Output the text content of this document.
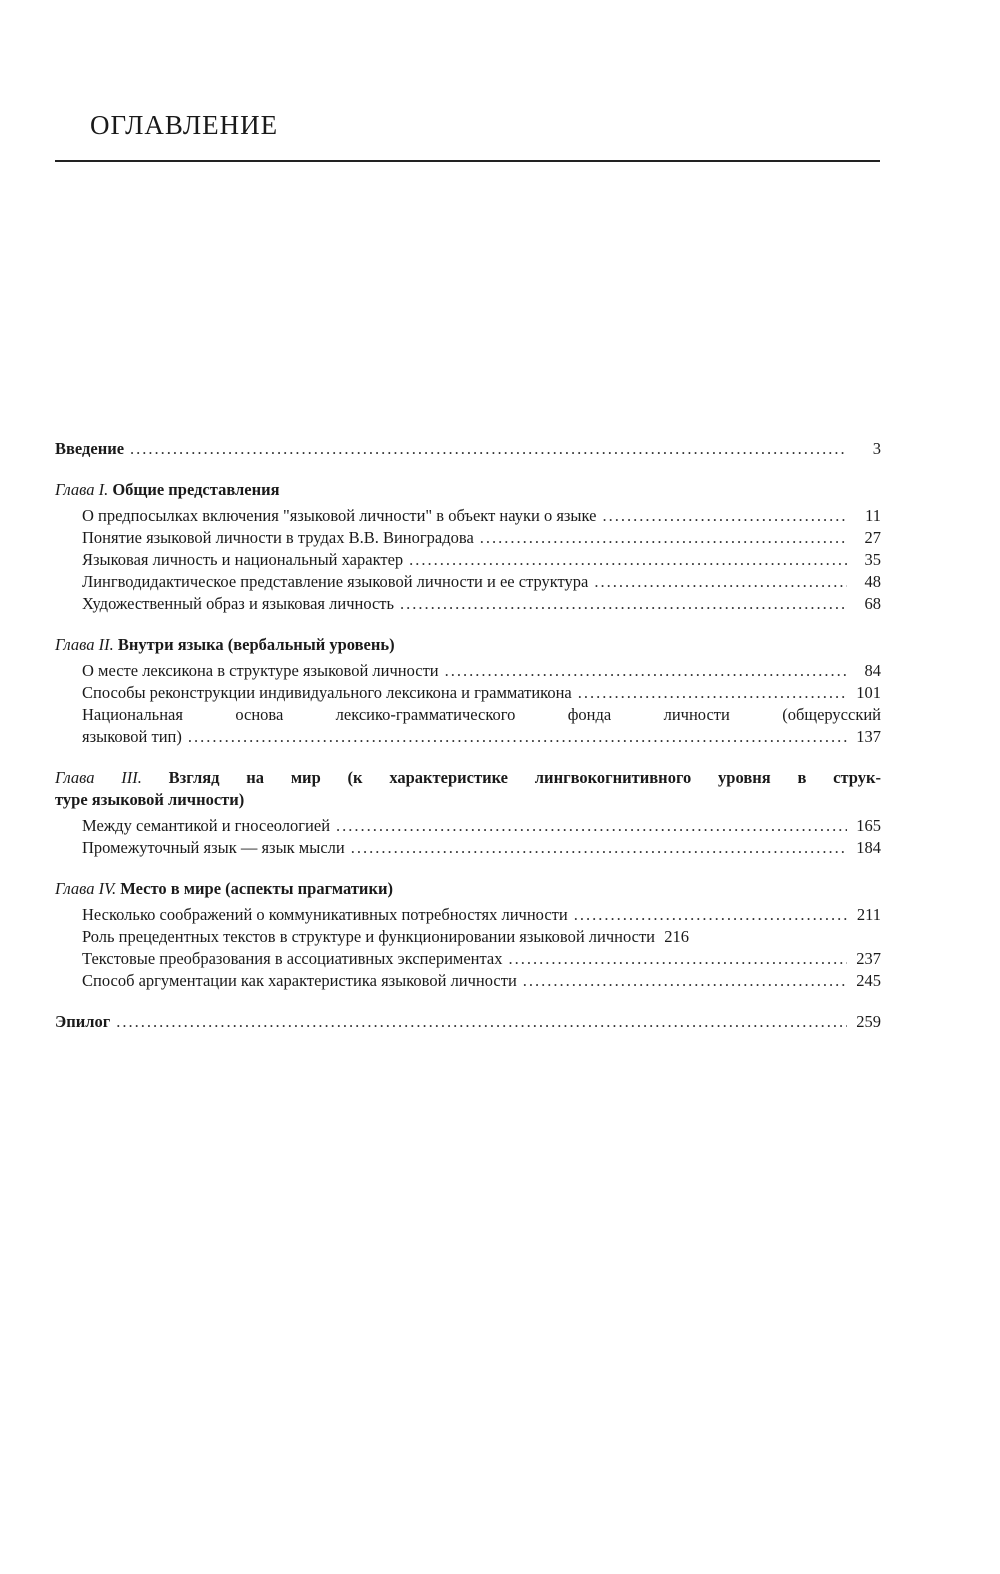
ОГЛАВЛЕНИЕ
Введение .....	3
Глава I. Общие представления
О предпосылках включения "языковой личности" в объект науки о языке .....	11
Понятие языковой личности в трудах В.В. Виноградова .....	27
Языковая личность и национальный характер .....	35
Лингводидактическое представление языковой личности и ее структура .....	48
Художественный образ и языковая личность .....	68
Глава II. Внутри языка (вербальный уровень)
О месте лексикона в структуре языковой личности .....	84
Способы реконструкции индивидуального лексикона и грамматикона .....	101
Национальная основа лексико-грамматического фонда личности (общерусский
языковой тип) .....	137
Глава III. Взгляд на мир (к характеристике лингвокогнитивного уровня в струк-
туре языковой личности)
Между семантикой и гносеологией .....	165
Промежуточный язык — язык мысли .....	184
Глава IV. Место в мире (аспекты прагматики)
Несколько соображений о коммуникативных потребностях личности .....	211
Роль прецедентных текстов в структуре и функционировании языковой личности 216
Текстовые преобразования в ассоциативных экспериментах .....	237
Способ аргументации как характеристика языковой личности .....	245
Эпилог .....	259
